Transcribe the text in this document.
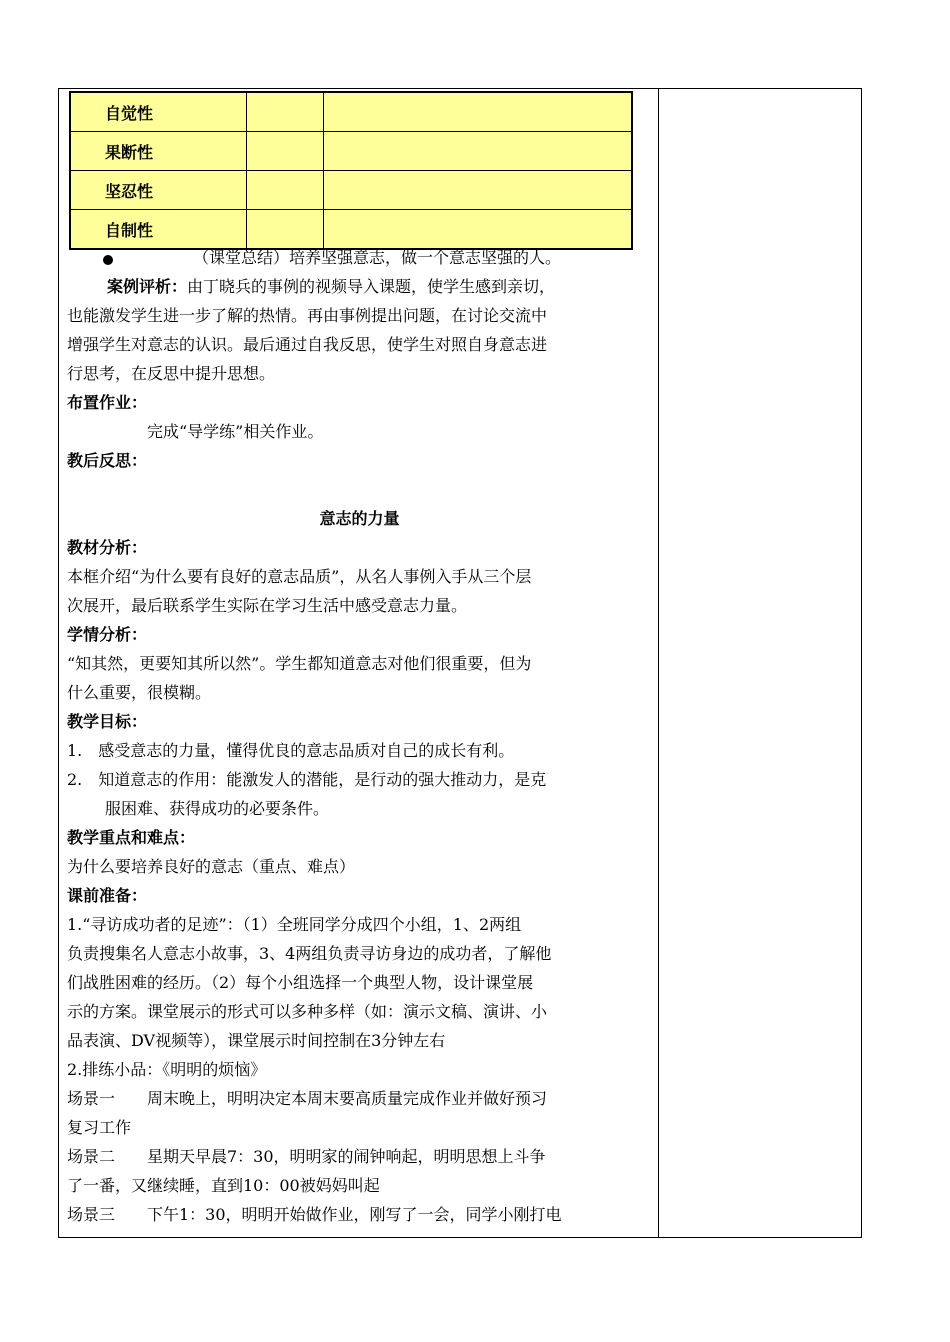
自觉性		
果断性		
坚忍性		
自制性		
（课堂总结）培养坚强意志，做一个意志坚强的人。
案例评析：由丁晓兵的事例的视频导入课题，使学生感到亲切，
也能激发学生进一步了解的热情。再由事例提出问题，在讨论交流中
增强学生对意志的认识。最后通过自我反思，使学生对照自身意志进
行思考，在反思中提升思想。
布置作业：
完成“导学练”相关作业。
教后反思：
意志的力量
教材分析：
本框介绍“为什么要有良好的意志品质”，从名人事例入手从三个层
次展开，最后联系学生实际在学习生活中感受意志力量。
学情分析：
“知其然，更要知其所以然”。学生都知道意志对他们很重要，但为
什么重要，很模糊。
教学目标：
1.　感受意志的力量，懂得优良的意志品质对自己的成长有利。
2.　知道意志的作用：能激发人的潜能，是行动的强大推动力，是克
服困难、获得成功的必要条件。
教学重点和难点：
为什么要培养良好的意志（重点、难点）
课前准备：
1.“寻访成功者的足迹”：（1）全班同学分成四个小组，1、2两组
负责搜集名人意志小故事，3、4两组负责寻访身边的成功者，了解他
们战胜困难的经历。（2）每个小组选择一个典型人物，设计课堂展
示的方案。课堂展示的形式可以多种多样（如：演示文稿、演讲、小
品表演、DV视频等），课堂展示时间控制在3分钟左右
2.排练小品：《明明的烦恼》
场景一　　周末晚上，明明决定本周末要高质量完成作业并做好预习
复习工作
场景二　　星期天早晨7：30，明明家的闹钟响起，明明思想上斗争
了一番，又继续睡，直到10：00被妈妈叫起
场景三　　下午1：30，明明开始做作业，刚写了一会，同学小刚打电
